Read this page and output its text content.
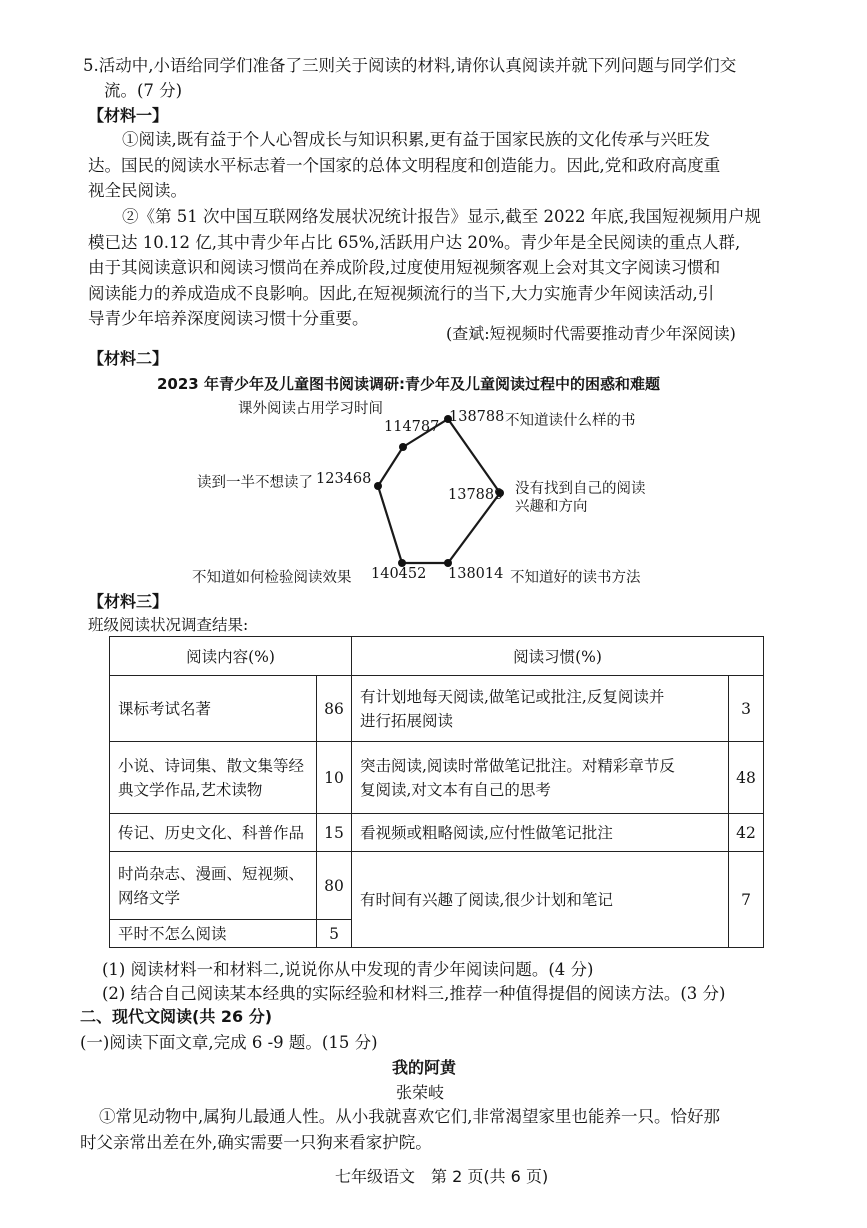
5.活动中,小语给同学们准备了三则关于阅读的材料,请你认真阅读并就下列问题与同学们交
流。(7 分)
【材料一】
①阅读,既有益于个人心智成长与知识积累,更有益于国家民族的文化传承与兴旺发
达。国民的阅读水平标志着一个国家的总体文明程度和创造能力。因此,党和政府高度重
视全民阅读。
②《第 51 次中国互联网络发展状况统计报告》显示,截至 2022 年底,我国短视频用户规
模已达 10.12 亿,其中青少年占比 65%,活跃用户达 20%。青少年是全民阅读的重点人群,
由于其阅读意识和阅读习惯尚在养成阶段,过度使用短视频客观上会对其文字阅读习惯和
阅读能力的养成造成不良影响。因此,在短视频流行的当下,大力实施青少年阅读活动,引
导青少年培养深度阅读习惯十分重要。
(查斌:短视频时代需要推动青少年深阅读)
【材料二】
2023 年青少年及儿童图书阅读调研:青少年及儿童阅读过程中的困惑和难题
课外阅读占用学习时间
114787
138788 不知道读什么样的书
没有找到自己的阅读
兴趣和方向
137889
138014 不知道好的读书方法
不知道如何检验阅读效果 140452
读到一半不想读了 123468
【材料三】
班级阅读状况调查结果:
阅读内容(%)		阅读习惯(%)	
课标考试名著	86	有计划地每天阅读,做笔记或批注,反复阅读并
进行拓展阅读	3
小说、诗词集、散文集等经
典文学作品,艺术读物	10	突击阅读,阅读时常做笔记批注。对精彩章节反
复阅读,对文本有自己的思考	48
传记、历史文化、科普作品	15	看视频或粗略阅读,应付性做笔记批注	42
时尚杂志、漫画、短视频、
网络文学	80	有时间有兴趣了阅读,很少计划和笔记	7
平时不怎么阅读	5		
(1) 阅读材料一和材料二,说说你从中发现的青少年阅读问题。(4 分)
(2) 结合自己阅读某本经典的实际经验和材料三,推荐一种值得提倡的阅读方法。(3 分)
二、现代文阅读(共 26 分)
(一)阅读下面文章,完成 6 -9 题。(15 分)
我的阿黄
张荣岐
①常见动物中,属狗儿最通人性。从小我就喜欢它们,非常渴望家里也能养一只。恰好那
时父亲常出差在外,确实需要一只狗来看家护院。
七年级语文　第 2 页(共 6 页)
